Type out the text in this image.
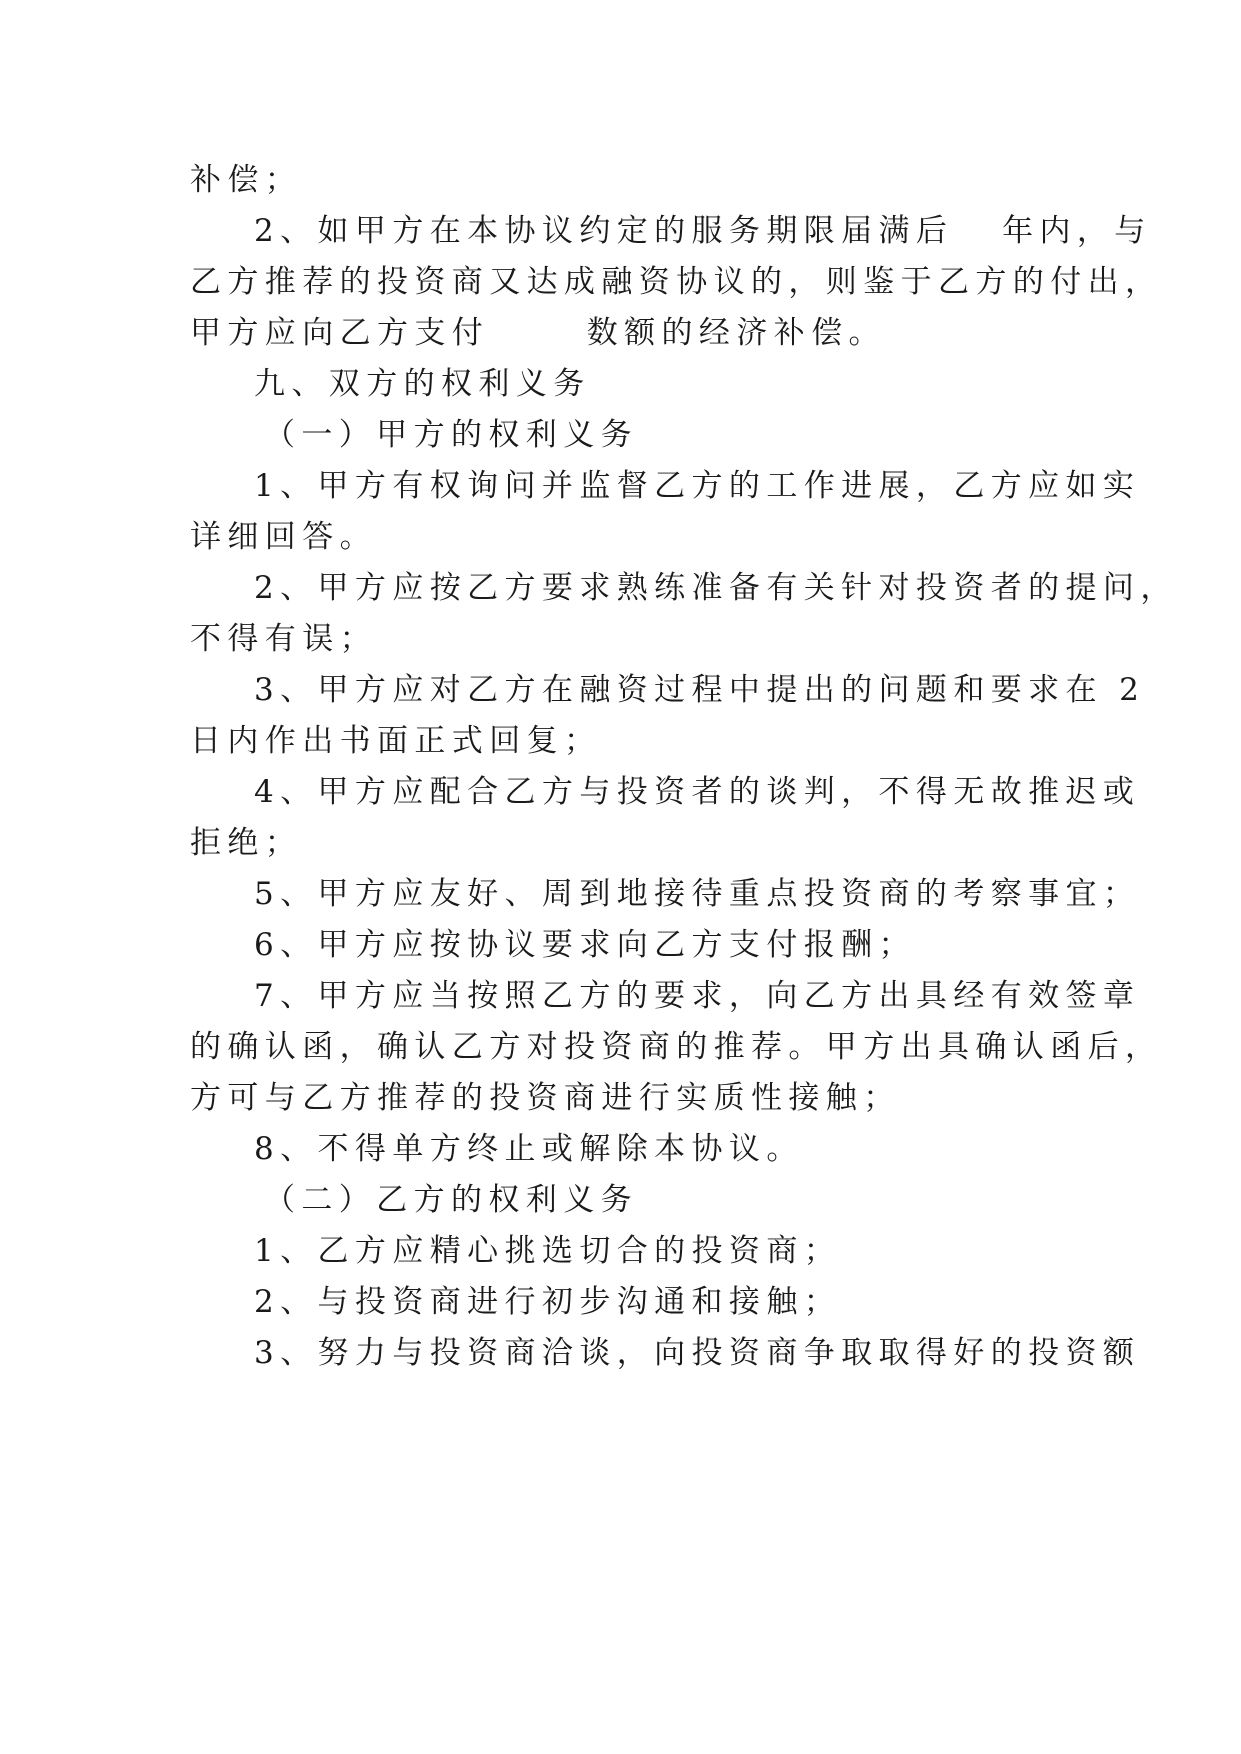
补偿；
2、如甲方在本协议约定的服务期限届满后   年内，与
乙方推荐的投资商又达成融资协议的，则鉴于乙方的付出，
甲方应向乙方支付      数额的经济补偿。
九、双方的权利义务
（一）甲方的权利义务
1、甲方有权询问并监督乙方的工作进展，乙方应如实
详细回答。
2、甲方应按乙方要求熟练准备有关针对投资者的提问，
不得有误；
3、甲方应对乙方在融资过程中提出的问题和要求在 2
日内作出书面正式回复；
4、甲方应配合乙方与投资者的谈判，不得无故推迟或
拒绝；
5、甲方应友好、周到地接待重点投资商的考察事宜；
6、甲方应按协议要求向乙方支付报酬；
7、甲方应当按照乙方的要求，向乙方出具经有效签章
的确认函，确认乙方对投资商的推荐。甲方出具确认函后，
方可与乙方推荐的投资商进行实质性接触；
8、不得单方终止或解除本协议。
（二）乙方的权利义务
1、乙方应精心挑选切合的投资商；
2、与投资商进行初步沟通和接触；
3、努力与投资商洽谈，向投资商争取取得好的投资额
